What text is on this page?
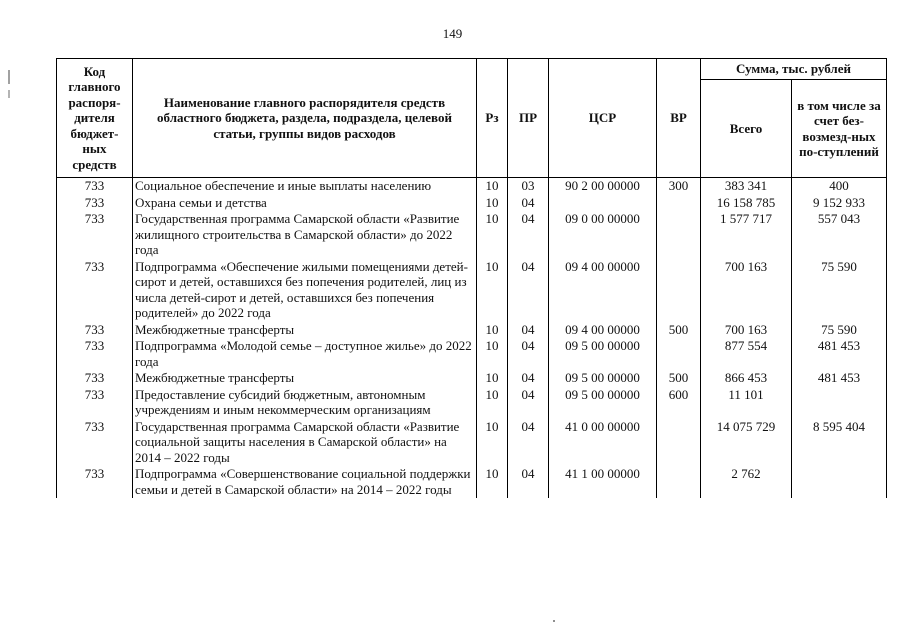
149
Код главного распоря-дителя бюджет-ных средств	Наименование главного распорядителя средств областного бюджета, раздела, подраздела, целевой статьи, группы видов расходов	Рз	ПР	ЦСР	ВР	Сумма, тыс. рублей	
						Всего	в том числе за счет без-возмезд-ных по-ступлений
733	Социальное обеспечение и иные выплаты населению	10	03	90 2 00 00000	300	383 341	400
733	Охрана семьи и детства	10	04			16 158 785	9 152 933
733	Государственная программа Самарской области «Развитие жилищного строительства в Самарской области» до 2022 года	10	04	09 0 00 00000		1 577 717	557 043
733	Подпрограмма «Обеспечение жилыми помещениями детей-сирот и детей, оставшихся без попечения родителей, лиц из числа детей-сирот и детей, оставшихся без попечения родителей» до 2022 года	10	04	09 4 00 00000		700 163	75 590
733	Межбюджетные трансферты	10	04	09 4 00 00000	500	700 163	75 590
733	Подпрограмма «Молодой семье – доступное жилье» до 2022 года	10	04	09 5 00 00000		877 554	481 453
733	Межбюджетные трансферты	10	04	09 5 00 00000	500	866 453	481 453
733	Предоставление субсидий бюджетным, автономным учреждениям и иным некоммерческим организациям	10	04	09 5 00 00000	600	11 101	
733	Государственная программа Самарской области «Развитие социальной защиты населения в Самарской области» на 2014 – 2022 годы	10	04	41 0 00 00000		14 075 729	8 595 404
733	Подпрограмма «Совершенствование социальной поддержки семьи и детей в Самарской области» на 2014 – 2022 годы	10	04	41 1 00 00000		2 762	
